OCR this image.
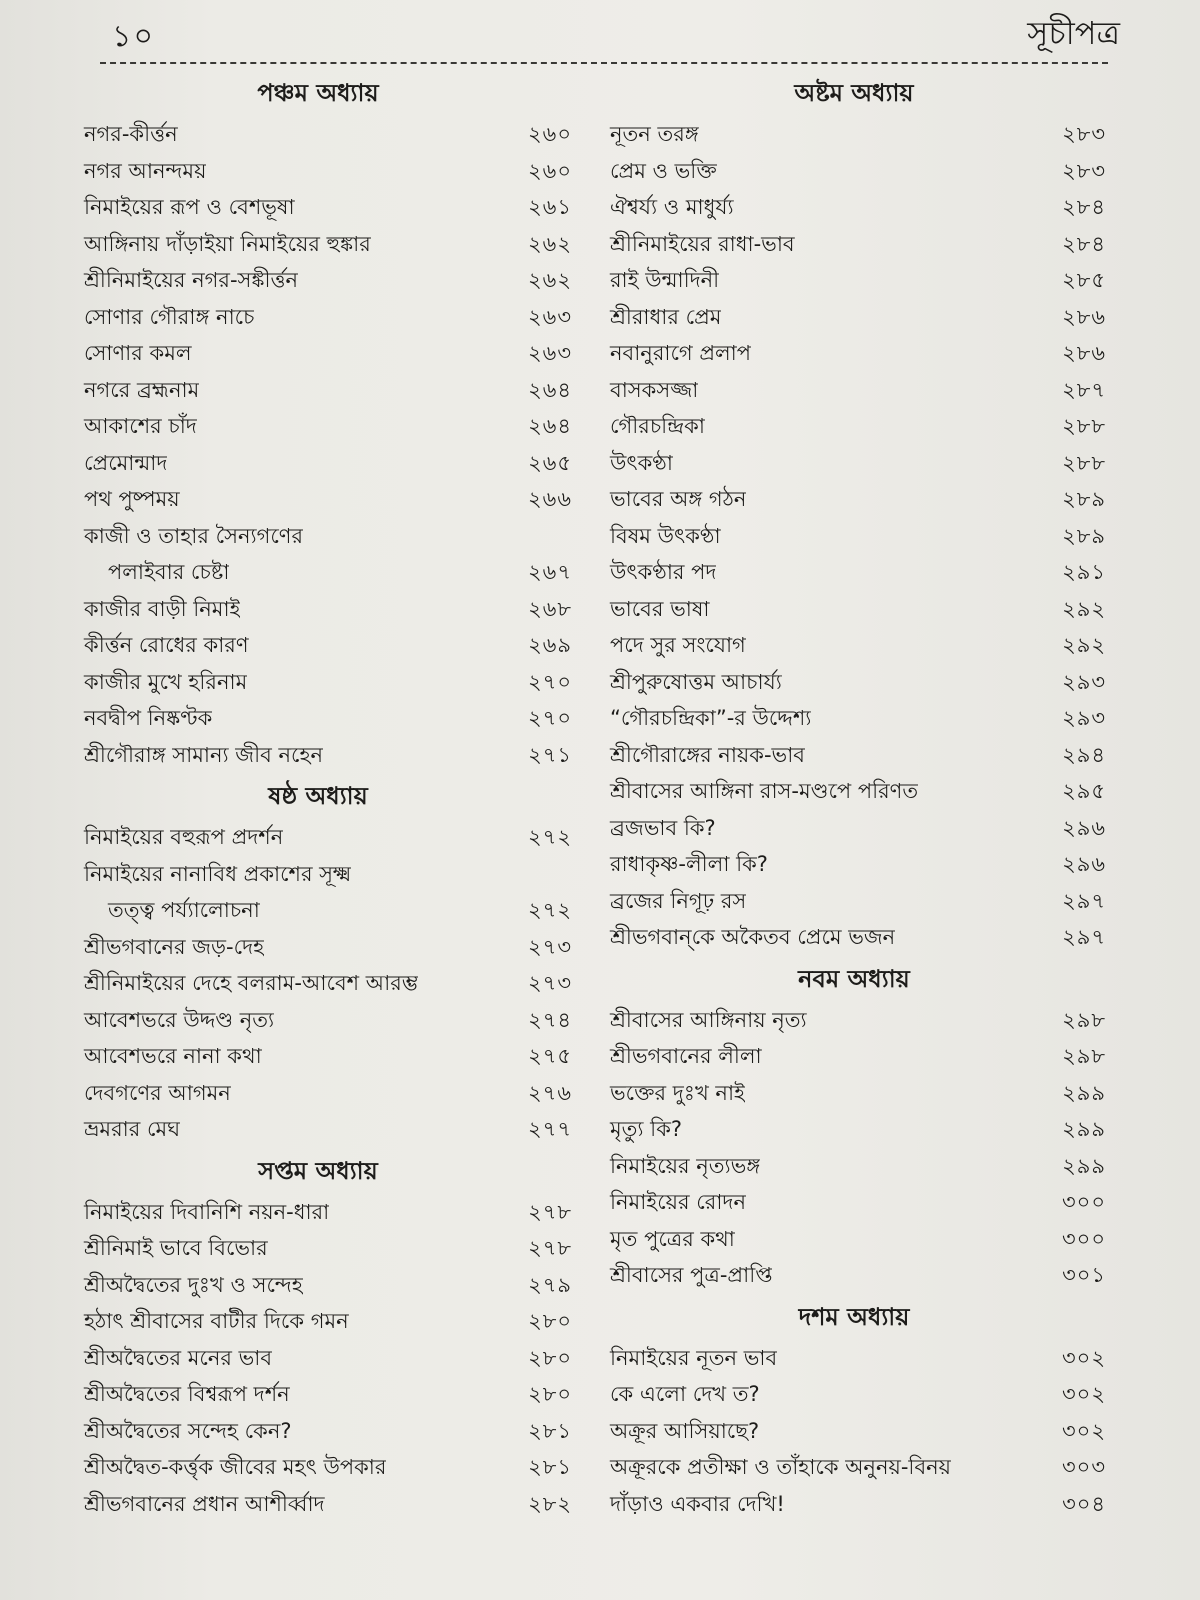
১০	সূচীপত্র
পঞ্চম অধ্যায়
নগর-কীর্ত্তন	২৬০
নগর আনন্দময়	২৬০
নিমাইয়ের রূপ ও বেশভূষা	২৬১
আঙ্গিনায় দাঁড়াইয়া নিমাইয়ের হুঙ্কার	২৬২
শ্রীনিমাইয়ের নগর-সঙ্কীর্ত্তন	২৬২
সোণার গৌরাঙ্গ নাচে	২৬৩
সোণার কমল	২৬৩
নগরে ব্রহ্মনাম	২৬৪
আকাশের চাঁদ	২৬৪
প্রেমোন্মাদ	২৬৫
পথ পুষ্পময়	২৬৬
কাজী ও তাহার সৈন্যগণের
পলাইবার চেষ্টা	২৬৭
কাজীর বাড়ী নিমাই	২৬৮
কীর্ত্তন রোধের কারণ	২৬৯
কাজীর মুখে হরিনাম	২৭০
নবদ্বীপ নিষ্কণ্টক	২৭০
শ্রীগৌরাঙ্গ সামান্য জীব নহেন	২৭১
ষষ্ঠ অধ্যায়
নিমাইয়ের বহুরূপ প্রদর্শন	২৭২
নিমাইয়ের নানাবিধ প্রকাশের সূক্ষ্ম
তত্ত্ব পর্য্যালোচনা	২৭২
শ্রীভগবানের জড়-দেহ	২৭৩
শ্রীনিমাইয়ের দেহে বলরাম-আবেশ আরম্ভ	২৭৩
আবেশভরে উদ্দণ্ড নৃত্য	২৭৪
আবেশভরে নানা কথা	২৭৫
দেবগণের আগমন	২৭৬
ভ্রমরার মেঘ	২৭৭
সপ্তম অধ্যায়
নিমাইয়ের দিবানিশি নয়ন-ধারা	২৭৮
শ্রীনিমাই ভাবে বিভোর	২৭৮
শ্রীঅদ্বৈতের দুঃখ ও সন্দেহ	২৭৯
হঠাৎ শ্রীবাসের বাটীর দিকে গমন	২৮০
শ্রীঅদ্বৈতের মনের ভাব	২৮০
শ্রীঅদ্বৈতের বিশ্বরূপ দর্শন	২৮০
শ্রীঅদ্বৈতের সন্দেহ কেন?	২৮১
শ্রীঅদ্বৈত-কর্ত্তৃক জীবের মহৎ উপকার	২৮১
শ্রীভগবানের প্রধান আশীর্ব্বাদ	২৮২
অষ্টম অধ্যায়
নূতন তরঙ্গ	২৮৩
প্রেম ও ভক্তি	২৮৩
ঐশ্বর্য্য ও মাধুর্য্য	২৮৪
শ্রীনিমাইয়ের রাধা-ভাব	২৮৪
রাই উন্মাদিনী	২৮৫
শ্রীরাধার প্রেম	২৮৬
নবানুরাগে প্রলাপ	২৮৬
বাসকসজ্জা	২৮৭
গৌরচন্দ্রিকা	২৮৮
উৎকণ্ঠা	২৮৮
ভাবের অঙ্গ গঠন	২৮৯
বিষম উৎকণ্ঠা	২৮৯
উৎকণ্ঠার পদ	২৯১
ভাবের ভাষা	২৯২
পদে সুর সংযোগ	২৯২
শ্রীপুরুষোত্তম আচার্য্য	২৯৩
“গৌরচন্দ্রিকা”-র উদ্দেশ্য	২৯৩
শ্রীগৌরাঙ্গের নায়ক-ভাব	২৯৪
শ্রীবাসের আঙ্গিনা রাস-মণ্ডপে পরিণত	২৯৫
ব্রজভাব কি?	২৯৬
রাধাকৃষ্ণ-লীলা কি?	২৯৬
ব্রজের নিগূঢ় রস	২৯৭
শ্রীভগবান্‌কে অকৈতব প্রেমে ভজন	২৯৭
নবম অধ্যায়
শ্রীবাসের আঙ্গিনায় নৃত্য	২৯৮
শ্রীভগবানের লীলা	২৯৮
ভক্তের দুঃখ নাই	২৯৯
মৃত্যু কি?	২৯৯
নিমাইয়ের নৃত্যভঙ্গ	২৯৯
নিমাইয়ের রোদন	৩০০
মৃত পুত্রের কথা	৩০০
শ্রীবাসের পুত্র-প্রাপ্তি	৩০১
দশম অধ্যায়
নিমাইয়ের নূতন ভাব	৩০২
কে এলো দেখ ত?	৩০২
অক্রূর আসিয়াছে?	৩০২
অক্রূরকে প্রতীক্ষা ও তাঁহাকে অনুনয়-বিনয়	৩০৩
দাঁড়াও একবার দেখি!	৩০৪
